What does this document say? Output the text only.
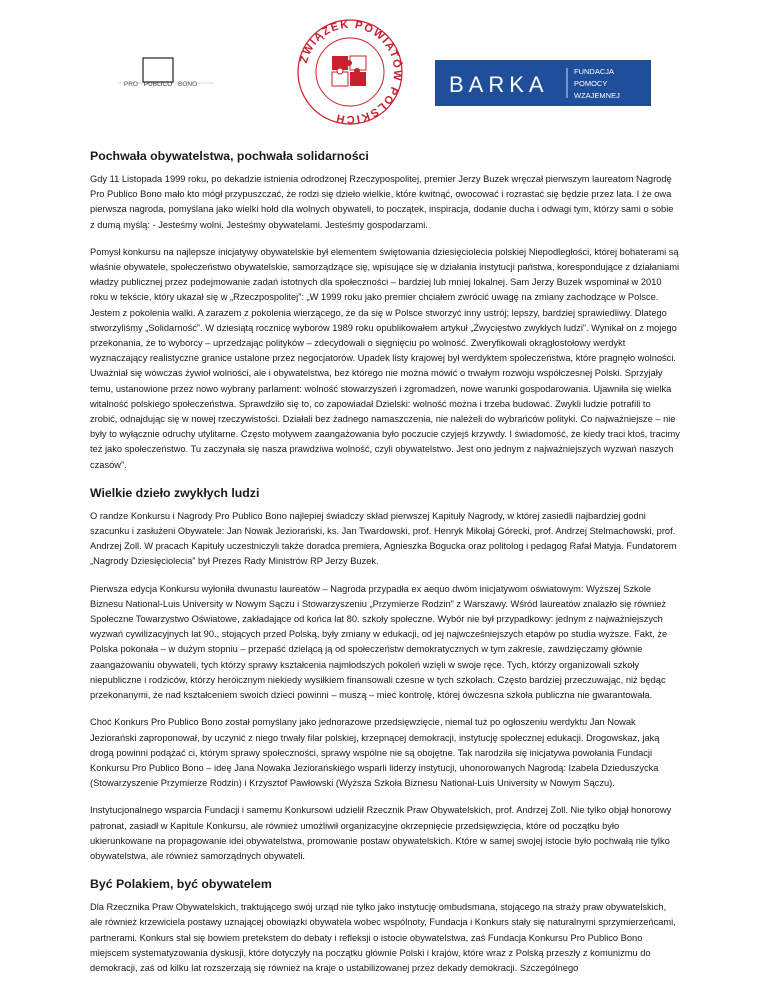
PRO PUBLICO BONO
ZWIĄZEK POWIATÓW POLSKICH
BARKA
FUNDACJA
POMOCY
WZAJEMNEJ
Pochwała obywatelstwa, pochwała solidarności

Gdy 11 Listopada 1999 roku, po dekadzie istnienia odrodzonej Rzeczypospolitej, premier Jerzy Buzek wręczał pierwszym laureatom Nagrodę Pro Publico Bono mało kto mógł przypuszczać, że rodzi się dzieło wielkie, które kwitnąć, owocować i rozrastać się będzie przez lata. I że owa pierwsza nagroda, pomyślana jako wielki hołd dla wolnych obywateli, to początek, inspiracja, dodanie ducha i odwagi tym, którzy sami o sobie z dumą myślą: - Jesteśmy wolni. Jesteśmy obywatelami. Jesteśmy gospodarzami.

Pomysł konkursu na najlepsze inicjatywy obywatelskie był elementem świętowania dziesięciolecia polskiej Niepodległości, której bohaterami są właśnie obywatele, społeczeństwo obywatelskie, samorządzące się, wpisujące się w działania instytucji państwa, korespondujące z działaniami władzy publicznej przez podejmowanie zadań istotnych dla społeczności – bardziej lub mniej lokalnej. Sam Jerzy Buzek wspominał w 2010 roku w tekście, który ukazał się w „Rzeczpospolitej”: „W 1999 roku jako premier chciałem zwrócić uwagę na zmiany zachodzące w Polsce. Jestem z pokolenia walki. A zarazem z pokolenia wierzącego, że da się w Polsce stworzyć inny ustrój; lepszy, bardziej sprawiedliwy. Dlatego stworzyliśmy „Solidarność”. W dziesiątą rocznicę wyborów 1989 roku opublikowałem artykuł „Zwycięstwo zwykłych ludzi”. Wynikał on z mojego przekonania, że to wyborcy – uprzedzając polityków – zdecydowali o sięgnięciu po wolność. Zweryfikowali okrągłostołowy werdykt wyznaczający realistyczne granice ustalone przez negocjatorów. Upadek listy krajowej był werdyktem społeczeństwa, które pragnęło wolności. Uważniał się wówczas żywioł wolności, ale i obywatelstwa, bez którego nie można mówić o trwałym rozwoju współczesnej Polski. Sprzyjały temu, ustanowione przez nowo wybrany parlament: wolność stowarzyszeń i zgromadzeń, nowe warunki gospodarowania. Ujawniła się wielka witalność polskiego społeczeństwa. Sprawdziło się to, co zapowiadał Dzielski: wolność można i trzeba budować. Zwykli ludzie potrafili to zrobić, odnajdując się w nowej rzeczywistości. Działali bez żadnego namaszczenia, nie należeli do wybrańców polityki. Co najważniejsze – nie były to wyłącznie odruchy utylitarne. Często motywem zaangażowania było poczucie czyjejś krzywdy. I świadomość, że kiedy traci ktoś, tracimy też jako społeczeństwo. Tu zaczynała się nasza prawdziwa wolność, czyli obywatelstwo. Jest ono jednym z najważniejszych wyzwań naszych czasów”.

Wielkie dzieło zwykłych ludzi

O randze Konkursu i Nagrody Pro Publico Bono najlepiej świadczy skład pierwszej Kapituły Nagrody, w której zasiedli najbardziej godni szacunku i zasłużeni Obywatele: Jan Nowak Jeziorański, ks. Jan Twardowski, prof. Henryk Mikołaj Górecki, prof. Andrzej Stelmachowski, prof. Andrzej Zoll. W pracach Kapituły uczestniczyli także doradca premiera, Agnieszka Bogucka oraz politolog i pedagog Rafał Matyja. Fundatorem „Nagrody Dziesięciolecia” był Prezes Rady Ministrów RP Jerzy Buzek.

Pierwsza edycja Konkursu wyłoniła dwunastu laureatów – Nagroda przypadła ex aequo dwóm inicjatywom oświatowym: Wyższej Szkole Biznesu National-Luis University w Nowym Sączu i Stowarzyszeniu „Przymierze Rodzin” z Warszawy. Wśród laureatów znalazło się również Społeczne Towarzystwo Oświatowe, zakładające od końca lat 80. szkoły społeczne. Wybór nie był przypadkowy: jednym z najważniejszych wyzwań cywilizacyjnych lat 90., stojących przed Polską, były zmiany w edukacji, od jej najwcześniejszych etapów po studia wyższe. Fakt, że Polska pokonała – w dużym stopniu – przepaść dzielącą ją od społeczeństw demokratycznych w tym zakresie, zawdzięczamy głównie zaangażowaniu obywateli, tych którzy sprawy kształcenia najmłodszych pokoleń wzięli w swoje ręce. Tych, którzy organizowali szkoły niepubliczne i rodziców, którzy heroicznym niekiedy wysiłkiem finansowali czesne w tych szkołach. Często bardziej przeczuwając, niż będąc przekonanymi, że nad kształceniem swoich dzieci powinni – muszą – mieć kontrolę, której ówczesna szkoła publiczna nie gwarantowała.

Choć Konkurs Pro Publico Bono został pomyślany jako jednorazowe przedsięwzięcie, niemal tuż po ogłoszeniu werdyktu Jan Nowak Jeziorański zaproponował, by uczynić z niego trwały filar polskiej, krzepnącej demokracji, instytucję społecznej edukacji. Drogowskaz, jaką drogą powinni podążać ci, którym sprawy społeczności, sprawy wspólne nie są obojętne. Tak narodziła się inicjatywa powołania Fundacji Konkursu Pro Publico Bono – ideę Jana Nowaka Jeziorańskiego wsparli liderzy instytucji, uhonorowanych Nagrodą: Izabela Dzieduszycka (Stowarzyszenie Przymierze Rodzin) i Krzysztof Pawłowski (Wyższa Szkoła Biznesu National-Luis University w Nowym Sączu).

Instytucjonalnego wsparcia Fundacji i samemu Konkursowi udzielił Rzecznik Praw Obywatelskich, prof. Andrzej Zoll. Nie tylko objął honorowy patronat, zasiadł w Kapitule Konkursu, ale również umożliwił organizacyjne okrzepnięcie przedsięwzięcia, które od początku było ukierunkowane na propagowanie idei obywatelstwa, promowanie postaw obywatelskich. Które w samej swojej istocie było pochwałą nie tylko obywatelstwa, ale również samorządnych obywateli.

Być Polakiem, być obywatelem

Dla Rzecznika Praw Obywatelskich, traktującego swój urząd nie tylko jako instytucję ombudsmana, stojącego na straży praw obywatelskich, ale również krzewiciela postawy uznającej obowiązki obywatela wobec wspólnoty, Fundacja i Konkurs stały się naturalnymi sprzymierzeńcami, partnerami. Konkurs stał się bowiem pretekstem do debaty i refleksji o istocie obywatelstwa, zaś Fundacja Konkursu Pro Publico Bono miejscem systematyzowania dyskusji, które dotyczyły na początku głównie Polski i krajów, które wraz z Polską przeszły z komunizmu do demokracji, zaś od kilku lat rozszerzają się również na kraje o ustabilizowanej przez dekady demokracji. Szczególnego
